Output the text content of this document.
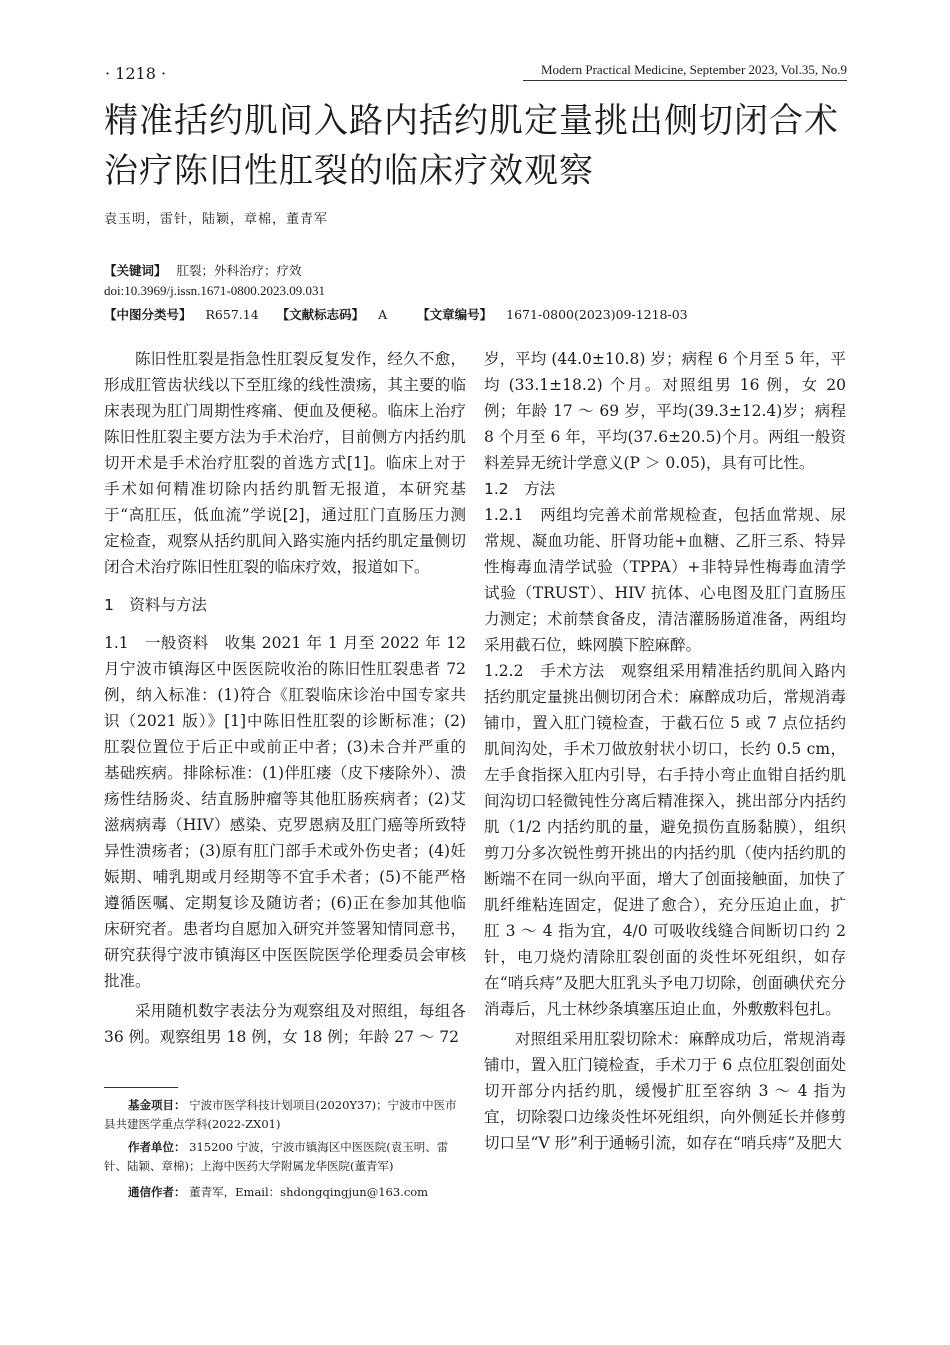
· 1218 ·	Modern Practical Medicine, September 2023, Vol.35, No.9
精准括约肌间入路内括约肌定量挑出侧切闭合术治疗陈旧性肛裂的临床疗效观察
袁玉明，雷针，陆颖，章棉，董青军
【关键词】 肛裂；外科治疗；疗效
doi:10.3969/j.issn.1671-0800.2023.09.031
【中图分类号】 R657.14 【文献标志码】 A 【文章编号】 1671-0800(2023)09-1218-03

陈旧性肛裂是指急性肛裂反复发作，经久不愈，形成肛管齿状线以下至肛缘的线性溃疡，其主要的临床表现为肛门周期性疼痛、便血及便秘。临床上治疗陈旧性肛裂主要方法为手术治疗，目前侧方内括约肌切开术是手术治疗肛裂的首选方式[1]。临床上对于手术如何精准切除内括约肌暂无报道，本研究基于“高肛压，低血流”学说[2]，通过肛门直肠压力测定检查，观察从括约肌间入路实施内括约肌定量侧切闭合术治疗陈旧性肛裂的临床疗效，报道如下。

1　资料与方法

1.1　一般资料　收集 2021 年 1 月至 2022 年 12 月宁波市镇海区中医医院收治的陈旧性肛裂患者 72 例，纳入标准：(1)符合《肛裂临床诊治中国专家共识（2021 版）》[1]中陈旧性肛裂的诊断标准；(2) 肛裂位置位于后正中或前正中者；(3)未合并严重的基础疾病。排除标准：(1)伴肛瘘（皮下瘘除外）、溃疡性结肠炎、结直肠肿瘤等其他肛肠疾病者；(2)艾滋病病毒（HIV）感染、克罗恩病及肛门癌等所致特异性溃疡者；(3)原有肛门部手术或外伤史者；(4)妊娠期、哺乳期或月经期等不宜手术者；(5)不能严格遵循医嘱、定期复诊及随访者；(6)正在参加其他临床研究者。患者均自愿加入研究并签署知情同意书，研究获得宁波市镇海区中医医院医学伦理委员会审核批准。

采用随机数字表法分为观察组及对照组，每组各 36 例。观察组男 18 例，女 18 例；年龄 27 ～ 72

岁，平均 (44.0±10.8) 岁；病程 6 个月至 5 年，平均 (33.1±18.2) 个月。对照组男 16 例，女 20 例；年龄 17 ～ 69 岁，平均(39.3±12.4)岁；病程 8 个月至 6 年，平均(37.6±20.5)个月。两组一般资料差异无统计学意义(P ＞ 0.05)，具有可比性。

1.2　方法

1.2.1　两组均完善术前常规检查，包括血常规、尿常规、凝血功能、肝肾功能+血糖、乙肝三系、特异性梅毒血清学试验（TPPA）+非特异性梅毒血清学试验（TRUST）、HIV 抗体、心电图及肛门直肠压力测定；术前禁食备皮，清洁灌肠肠道准备，两组均采用截石位，蛛网膜下腔麻醉。

1.2.2　手术方法　观察组采用精准括约肌间入路内括约肌定量挑出侧切闭合术：麻醉成功后，常规消毒铺巾，置入肛门镜检查，于截石位 5 或 7 点位括约肌间沟处，手术刀做放射状小切口，长约 0.5 cm，左手食指探入肛内引导，右手持小弯止血钳自括约肌间沟切口轻微钝性分离后精准探入，挑出部分内括约肌（1/2 内括约肌的量，避免损伤直肠黏膜），组织剪刀分多次锐性剪开挑出的内括约肌（使内括约肌的断端不在同一纵向平面，增大了创面接触面，加快了肌纤维粘连固定，促进了愈合），充分压迫止血，扩肛 3 ～ 4 指为宜，4/0 可吸收线缝合间断切口约 2 针，电刀烧灼清除肛裂创面的炎性坏死组织，如存在“哨兵痔”及肥大肛乳头予电刀切除，创面碘伏充分消毒后，凡士林纱条填塞压迫止血，外敷敷料包扎。

对照组采用肛裂切除术：麻醉成功后，常规消毒铺巾，置入肛门镜检查，手术刀于 6 点位肛裂创面处切开部分内括约肌，缓慢扩肛至容纳 3 ～ 4 指为宜，切除裂口边缘炎性坏死组织，向外侧延长并修剪切口呈“V 形”利于通畅引流，如存在“哨兵痔”及肥大

基金项目： 宁波市医学科技计划项目(2020Y37)；宁波市中医市县共建医学重点学科(2022-ZX01)
作者单位： 315200 宁波，宁波市镇海区中医医院(袁玉明、雷针、陆颖、章棉)；上海中医药大学附属龙华医院(董青军)
通信作者： 董青军，Email：shdongqingjun@163.com
